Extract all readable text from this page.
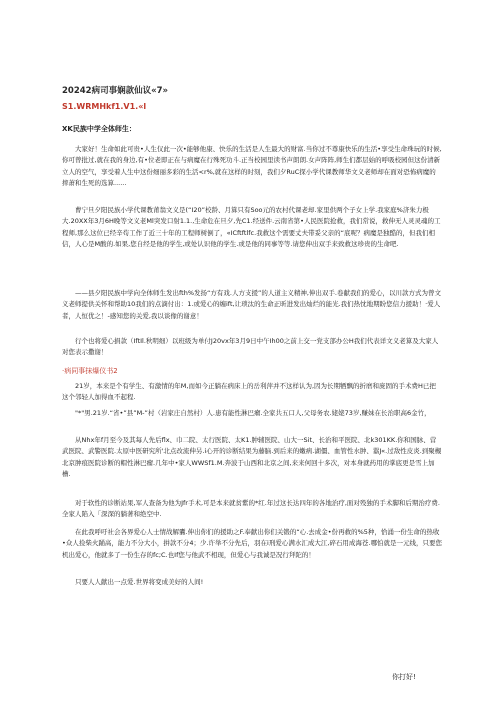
20242病司事娴款仙议«7»
S1.WRMHkf1.V1.«l
XK民族中学全体师生：

大家好！生命如此可贵•人生仅此一次•能够他康、快乐的生活是人生最大的财富.当你过不尊康快乐的生活•享受生命珠玩的时候,你可曾批过,就在我的身边,有•位老即正在与病魔在行殊死功斗.正当校园里读书声朗朗.女声阵阵,师生们都层始的呼吸校园但这份清新立人的空气，享受着人生中这份细丽多彩的生活<r%,就在这样的时刻，我们夕RuC探小学代课教师华文义老师却在面对恐怖病魔的摔萧和生死的选算......

曹宁旦夕阳民族小学代课教莆翁文义是(“I20”校龄、月算只有Soo元的农村代课老却.家里供两个子女上学.我家庭%济朱力极大.20XX年3月6H晚等文义老Ml突发口射1.1.,生命危在旦夕,先C1.经送件.云南省第•人民医院抢救，我们常说，救伸无人灵灵魂的工程师,那么这位已经辛苟工作了近三十年的工程师树倒了，«ICftftlfc.我救这个需要丈夫带妥父亲的“底呢？病魔是独酷的，但我们相信，人心是M酸的.如果,您自经是他的学生,或处认识他的学生.或是他的同事等等.请您伸出双手来致救这珍贵的生命吧.

——县夕阳民族中学向全体师生发出fth%发扬“方有戏.人方支援”的人道主义精神,伸出双手.卷献我们的爱心，以川款方式为曾文义老师提供关怀和帮助10我们的点滴付出：1.或爱心的缠ift,让琐汰的生命正昕进发出灿烂的能光.我们热忱地期盼您信力援助！·爱人者，人恒优之！-感知您的关爱,我以谈像的谢意！

行个也将爱心捐款（IftIl.秋明细）以班级为单付J20vx年3月9日中午Ih00之前上交一党支部办公H我们代表详文义老算及大家人对您表示撒谢！

·病同事抹爆仪书2

21岁，本来是个有学生、有激情的年M,而如今正躺在病床上的岳利萍并不这样认为,因为长期牺飘的折磨和庞固的手术费H已把这个邻轻人加得血不起程.

"*"男.21岁.“省•”县”M-”村（岩家庄自然村）人.患有能性淋巴瘤.全家共五口人,父母务农.姥姥73岁,赚妹在长治职高6金竹，

从Nhx年f月至今及其每人先后flx、巾二院、太行医院、太K1.肿辅医院、山大一Sit、长治和平医院、北k301KK.你和国脉、营武医院、武警医院.太原中医研究所'北点改流伸另.ⅰ心开的诊断结果为藤脑.到后来的嫩病.湖僵、血管性水肿、嚣J«.过敌性皮炎.到聚槻北京肿痕医院诊断的帽性淋巴瘤.几年中•家人WWSf1.M.奔波于山西和北京之间,来来何回十多次，对本身就药用的掌底更是雪上加槽.

对于软性的诊断站果,军人查备为他为Jfr手术,可是本来就贫紫的*红.年过这长达四年的各地治疗,面对殁独的手术脚和后期治疗费.全家人陷入「深深的躺著和绝空中.

在此我呼吁社会各界爱心人士情战解囊.伸出你们的援助之F.奉献出你们关锻的“心.去成金•份再救的%5种，恰涌一份生命的热收•众人捡柴火踊高，能力不分大小，拼款不分4；少.许举不分先后，羽在ⅰ刑爱心满水汇成大江,碎石用成海苍.哪怕就是一元线，只要您机出爱心，他就多了一份生存的fc;C.也If您与他武不相现，但爱心与我诚是况行拜陀的！

只要人人献出一点爱.世界将变成美好的人间!

你打好!
